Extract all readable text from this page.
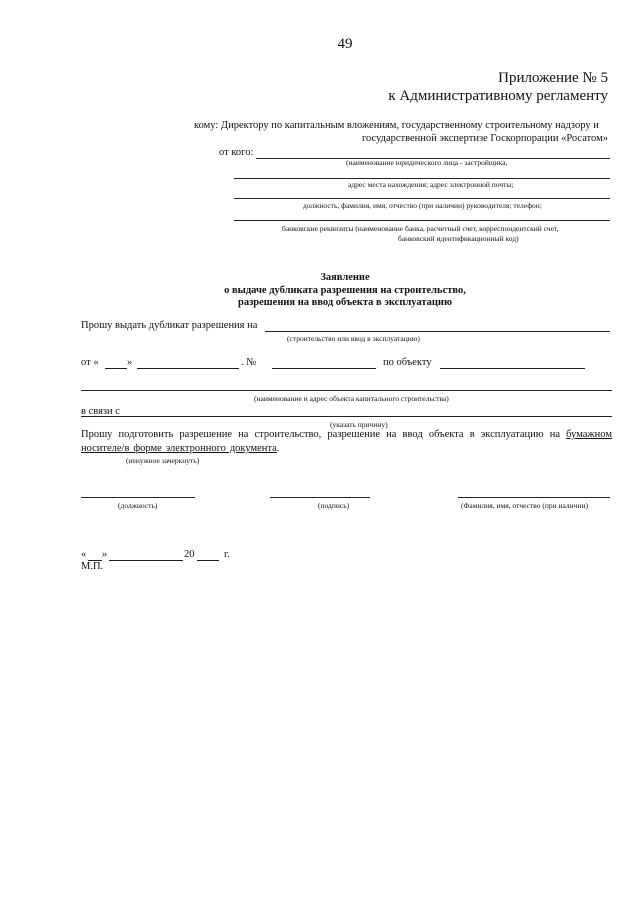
49
Приложение № 5
к Административному регламенту
кому: Директору по капитальным вложениям, государственному строительному надзору и
государственной экспертизе Госкорпорации «Росатом»
от кого:
(наименование юридического лица - застройщика,
адрес места нахождения; адрес электронной почты;
должность, фамилия, имя, отчество (при наличии) руководителя; телефон;
банковские реквизиты (наименование банка, расчетный счет, корреспондентский счет,
банковский идентификационный код)
Заявление
о выдаче дубликата разрешения на строительство,
разрешения на ввод объекта в эксплуатацию
Прошу выдать дубликат разрешения на
(строительство или ввод в эксплуатацию)
от «	»	. №	по объекту
(наименование и адрес объекта капитального строительства)
в связи с
(указать причину)
Прошу подготовить разрешение на строительство, разрешение на ввод объекта в эксплуатацию на бумажном носителе/в форме электронного документа.
(ненужное зачеркнуть)
(должность)	(подпись)	(Фамилия, имя, отчество (при наличии)
« »	20	г.
М.П.
